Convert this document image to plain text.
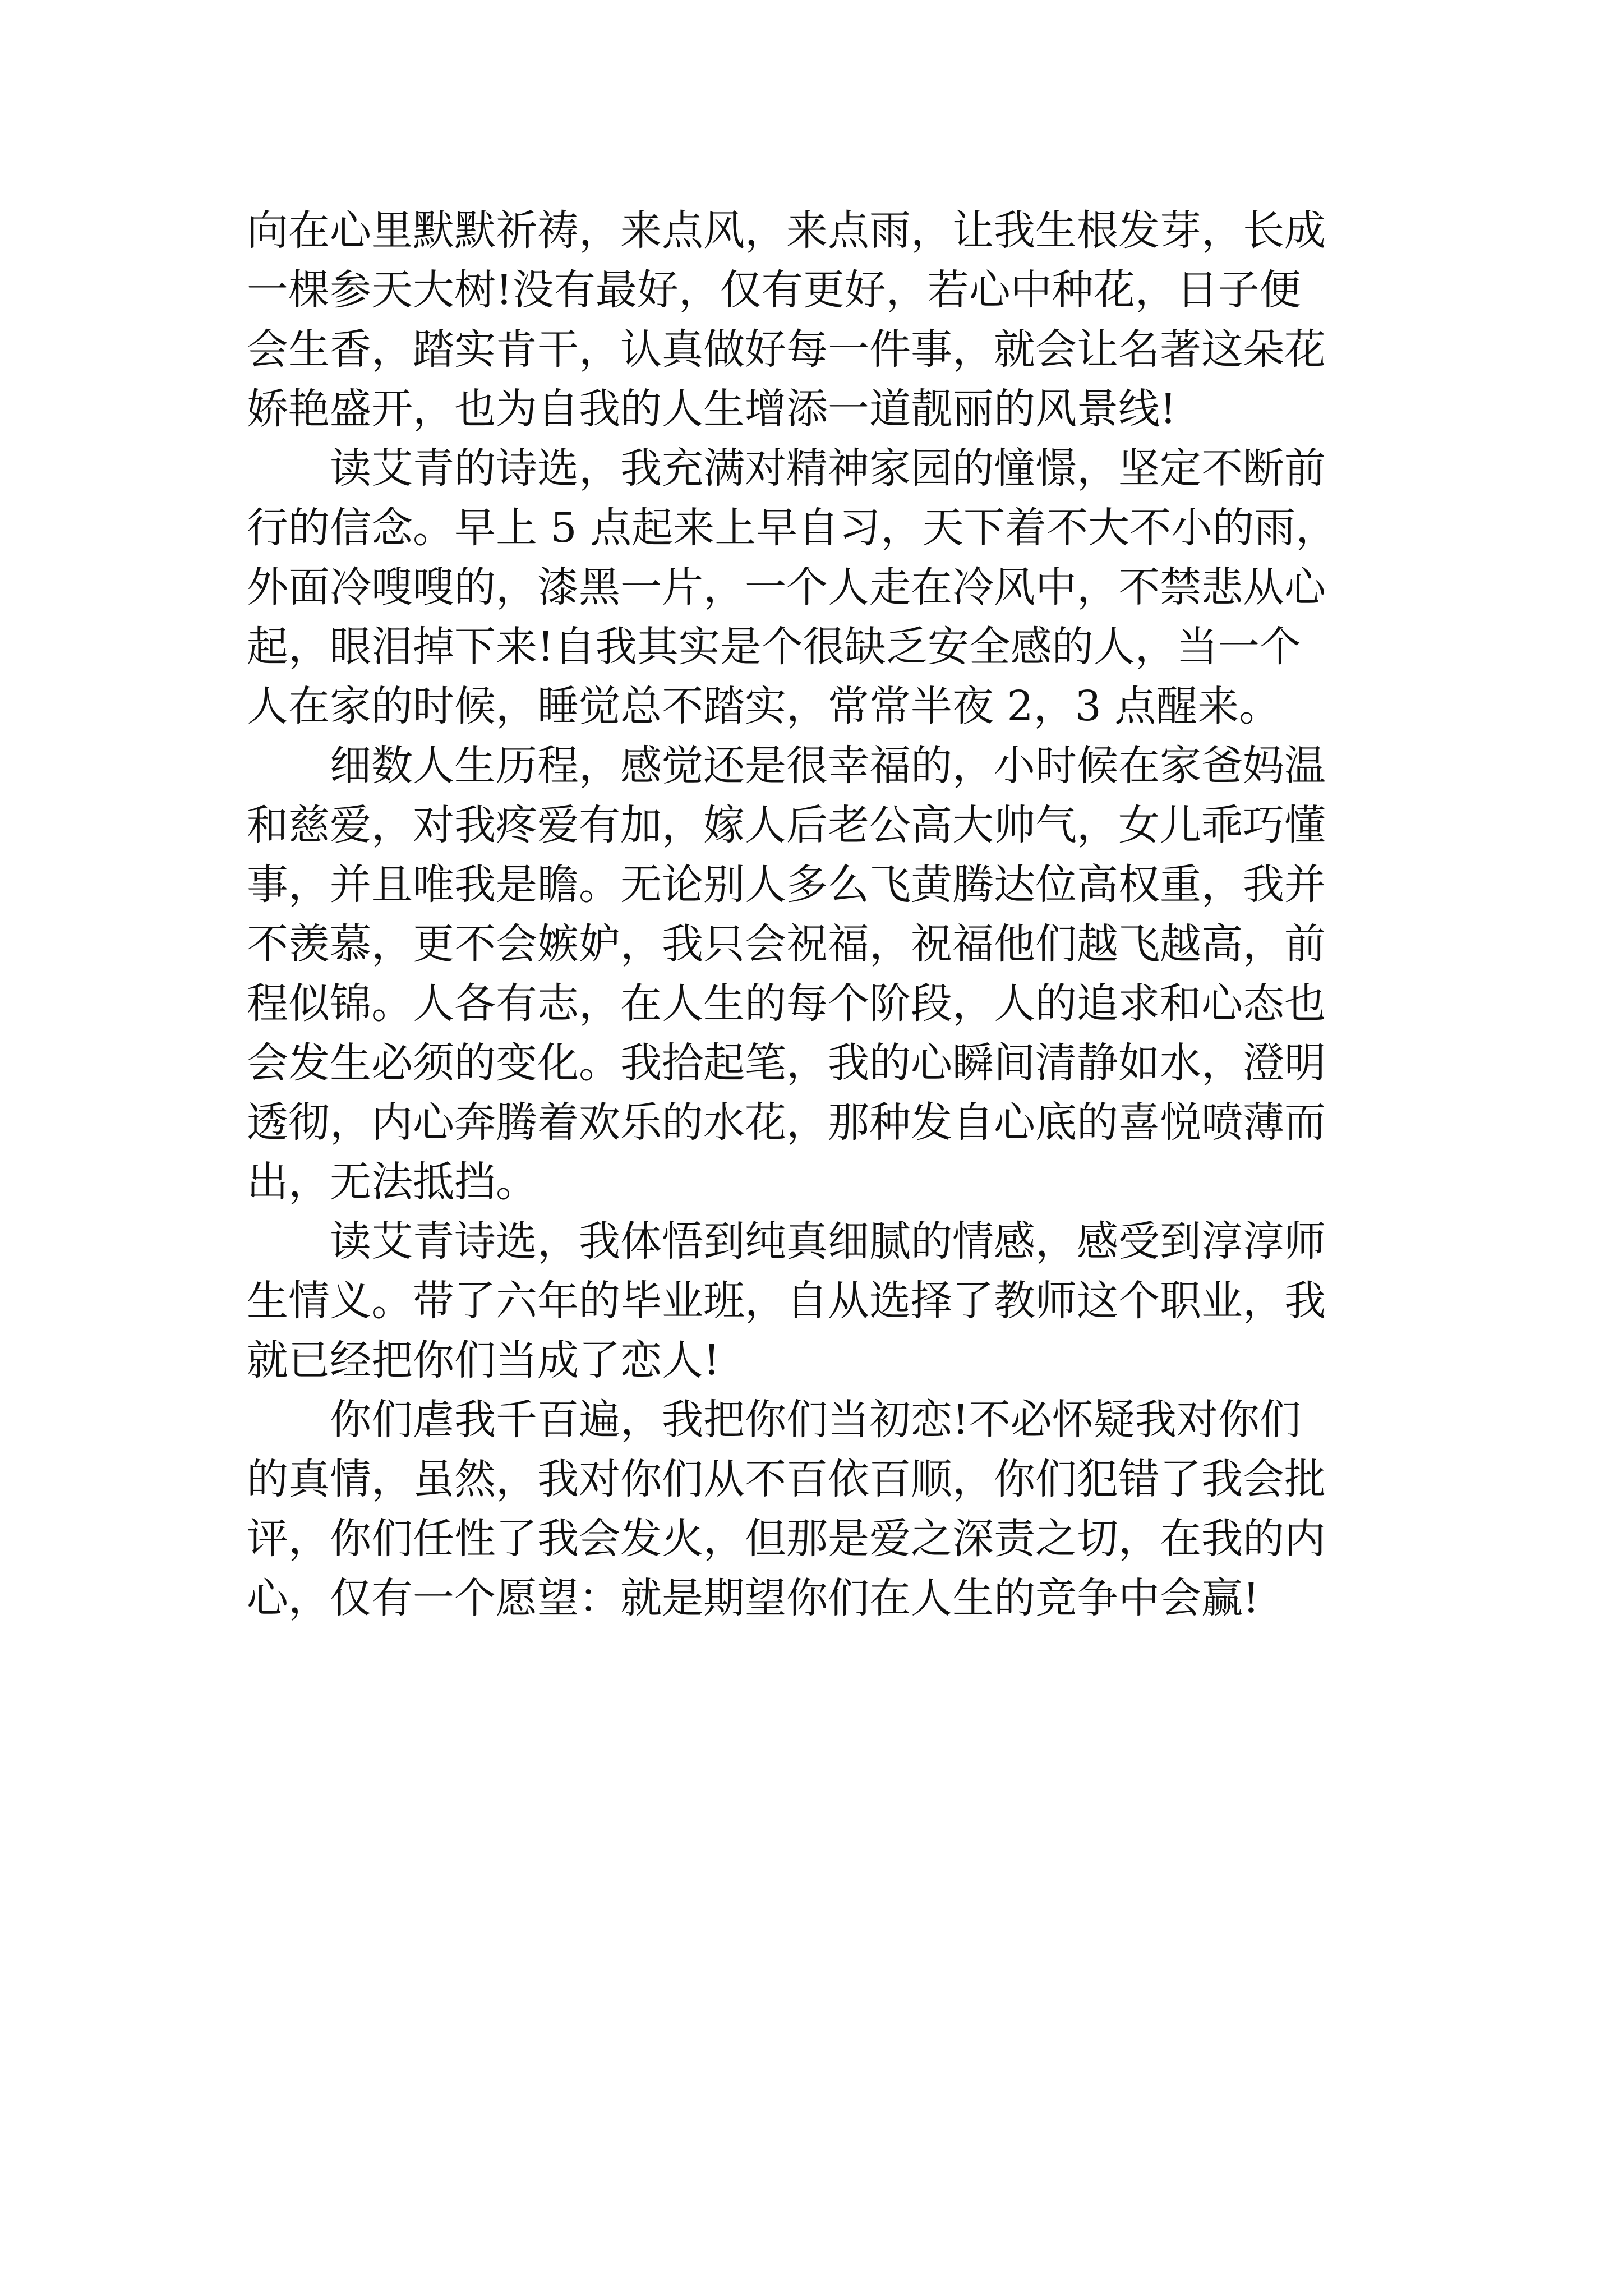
向在心里默默祈祷，来点风，来点雨，让我生根发芽，长成
一棵参天大树!没有最好，仅有更好，若心中种花，日子便
会生香，踏实肯干，认真做好每一件事，就会让名著这朵花
娇艳盛开，也为自我的人生增添一道靓丽的风景线!

　　读艾青的诗选，我充满对精神家园的憧憬，坚定不断前
行的信念。早上 5 点起来上早自习，天下着不大不小的雨，
外面冷嗖嗖的，漆黑一片，一个人走在冷风中，不禁悲从心
起，眼泪掉下来!自我其实是个很缺乏安全感的人，当一个
人在家的时候，睡觉总不踏实，常常半夜 2，3 点醒来。

　　细数人生历程，感觉还是很幸福的，小时候在家爸妈温
和慈爱，对我疼爱有加，嫁人后老公高大帅气，女儿乖巧懂
事，并且唯我是瞻。无论别人多么飞黄腾达位高权重，我并
不羡慕，更不会嫉妒，我只会祝福，祝福他们越飞越高，前
程似锦。人各有志，在人生的每个阶段，人的追求和心态也
会发生必须的变化。我拾起笔，我的心瞬间清静如水，澄明
透彻，内心奔腾着欢乐的水花，那种发自心底的喜悦喷薄而
出，无法抵挡。

　　读艾青诗选，我体悟到纯真细腻的情感，感受到淳淳师
生情义。带了六年的毕业班，自从选择了教师这个职业，我
就已经把你们当成了恋人!

　　你们虐我千百遍，我把你们当初恋!不必怀疑我对你们
的真情，虽然，我对你们从不百依百顺，你们犯错了我会批
评，你们任性了我会发火，但那是爱之深责之切，在我的内
心，仅有一个愿望：就是期望你们在人生的竞争中会赢!
